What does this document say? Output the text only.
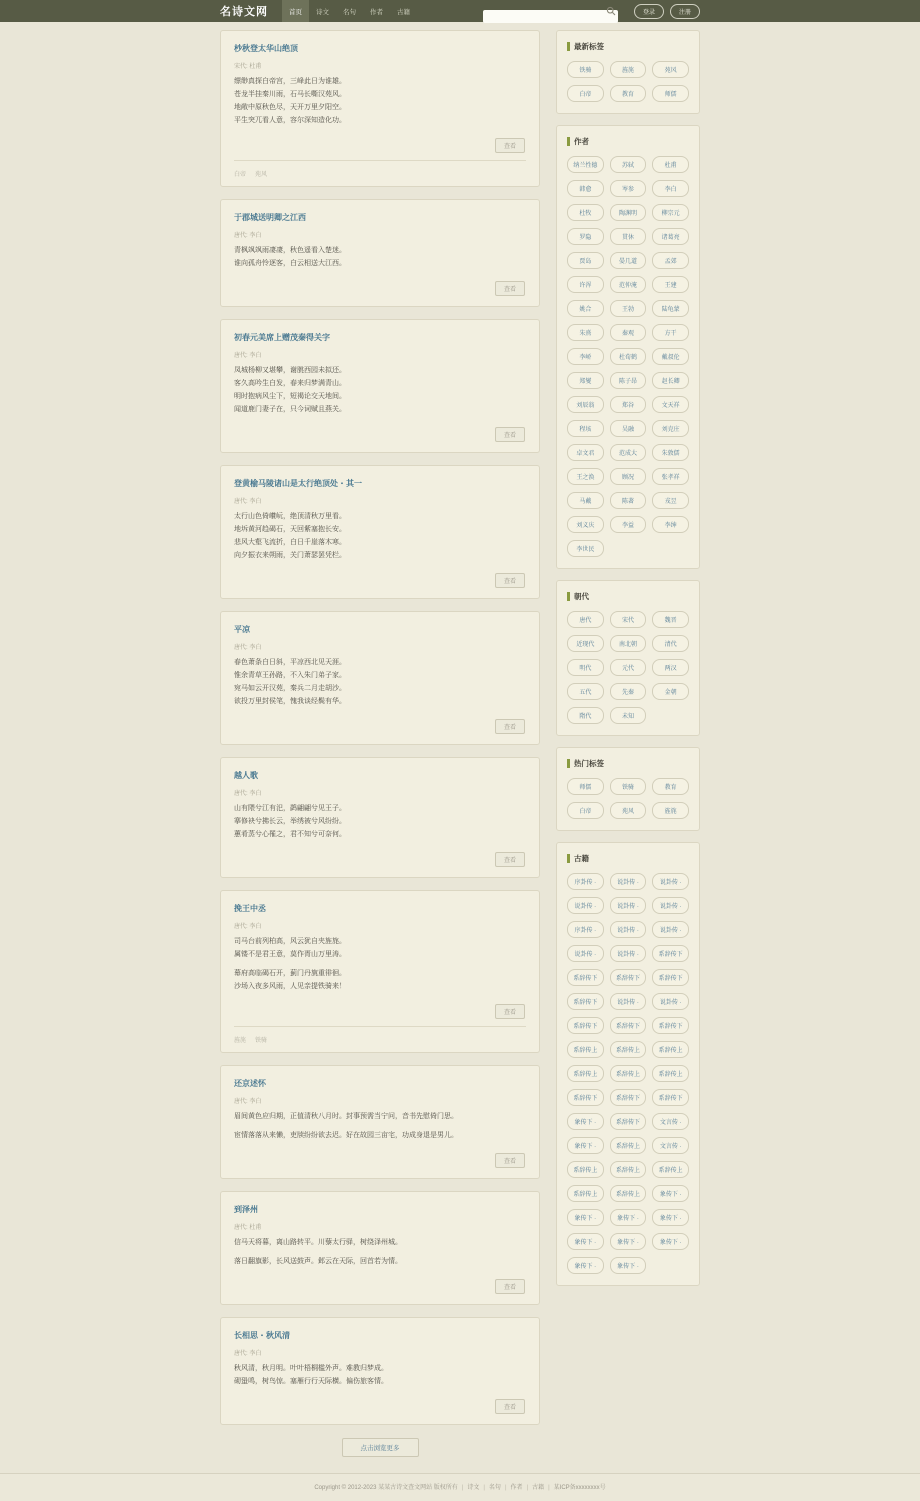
名诗文网	首页	诗文	名句	作者	古籍	登录	注册
杪秋登太华山绝顶
宋代: 杜甫
缥缈真探白帝宫，三峰此日为谁雄。
苍龙半挂秦川雨，石马长嘶汉苑风。
地敞中原秋色尽，天开万里夕阳空。
平生突兀看人意，容尔深知造化功。
查看
白帝 苑风
于郡城送明卿之江西
唐代: 李白
青枫飒飒雨凄凄，秋色遥看入楚迷。
谁向孤舟怜逐客，白云相送大江西。
查看
初春元美席上赠茂秦得关字
唐代: 李白
凤城杨柳又堪攀，谢朓西园未拟还。
客久高吟生白发，春来归梦满青山。
明时抱病风尘下，短褐论交天地间。
闻道鹿门妻子在，只今词赋且燕关。
查看
登黄榆马陵诸山是太行绝顶处・其一
唐代: 李白
太行山色倚巑岏，绝顶清秋万里看。
地坼黄河趋碣石，天回紫塞抱长安。
悲风大壑飞流折，白日千崖落木寒。
向夕振衣来朔雨，关门萧瑟罢凭栏。
查看
平凉
唐代: 李白
春色萧条白日斜，平凉西北见天涯。
惟余青草王孙路，不入朱门弟子家。
宛马如云开汉苑，秦兵二月走胡沙。
欲投万里封侯笔，愧我谈经鬓有华。
查看
越人歌
唐代: 李白
山有隈兮江有汜，鹢翩翩兮见王子。
搴修袂兮拂长云，举绣被兮风纷纷。
蕙肴蒸兮心罹之，君不知兮可奈何。
查看
挽王中丞
唐代: 李白
司马台前列柏高，风云犹自夹旌旄。
属镂不是君王意，莫作胥山万里涛。
幕府高临碣石开，蓟门丹旐重徘徊。
沙场入夜多风雨，人见亲提铁骑来！
查看
旌旄 铁骑
还京述怀
唐代: 李白
眉间黄色应归期，正值清秋八月时。封事预需当宁问，音书先慰倚门思。
宦情落落从来懒，吏牍纷纷欲去迟。好在故园三亩宅，功成身退是男儿。
查看
到泽州
唐代: 杜甫
信马天将暮，离山路转平。川藜太行驿，树绕泽州城。
落日翻旗影，长风送鼓声。邺云在天际，回首若为情。
查看
长相思・秋风清
唐代: 李白
秋风清，秋月明。叶叶梧桐槛外声。难教归梦成。
砌蛩鸣，树鸟惊。塞雁行行天际横。偏伤旅客情。
查看
点击浏览更多
最新标签
铁骑	旌旄	苑风
白帝	教育	师儒
作者
纳兰性德	苏轼	杜甫
韩愈	岑参	李白
杜牧	陶渊明	柳宗元
罗隐	贯休	诸葛亮
贾岛	晏几道	孟郊
许浑	范仲淹	王建
姚合	王勃	陆龟蒙
朱熹	秦观	方干
李峤	杜荀鹤	戴叔伦
郑燮	陈子昂	赵长卿
刘辰翁	郑谷	文天祥
程垓	吴融	刘克庄
卓文君	范成大	朱敦儒
王之涣	顾况	张孝祥
马戴	陈著	戎昱
刘义庆	李益	李绅
李世民
朝代
唐代	宋代	魏晋
近现代	南北朝	清代
明代	元代	两汉
五代	先秦	金朝
隋代	未知
热门标签
师儒	铁骑	教育
白帝	苑风	旌旄
古籍
序卦传 ·	说卦传 ·	说卦传 ·
说卦传 ·	说卦传 ·	说卦传 ·
序卦传 ·	说卦传 ·	说卦传 ·
说卦传 ·	说卦传 ·	系辞传下
系辞传下	系辞传下	系辞传下
系辞传下	说卦传 ·	说卦传 ·
系辞传下	系辞传下	系辞传下
系辞传上	系辞传上	系辞传上
系辞传上	系辞传上	系辞传上
系辞传下	系辞传下	系辞传下
象传下 ·	系辞传下	文言传 ·
象传下 ·	系辞传上	文言传 ·
系辞传上	系辞传上	系辞传上
系辞传上	系辞传上	象传下 ·
象传下 ·	象传下 ·	象传下 ·
象传下 ·	象传下 ·	象传下 ·
象传下 ·	象传下 ·
Copyright © 2012-2023 某某古诗文查文网站 版权所有 | 诗文 | 名句 | 作者 | 古籍 | 某ICP备xxxxxxxx号
